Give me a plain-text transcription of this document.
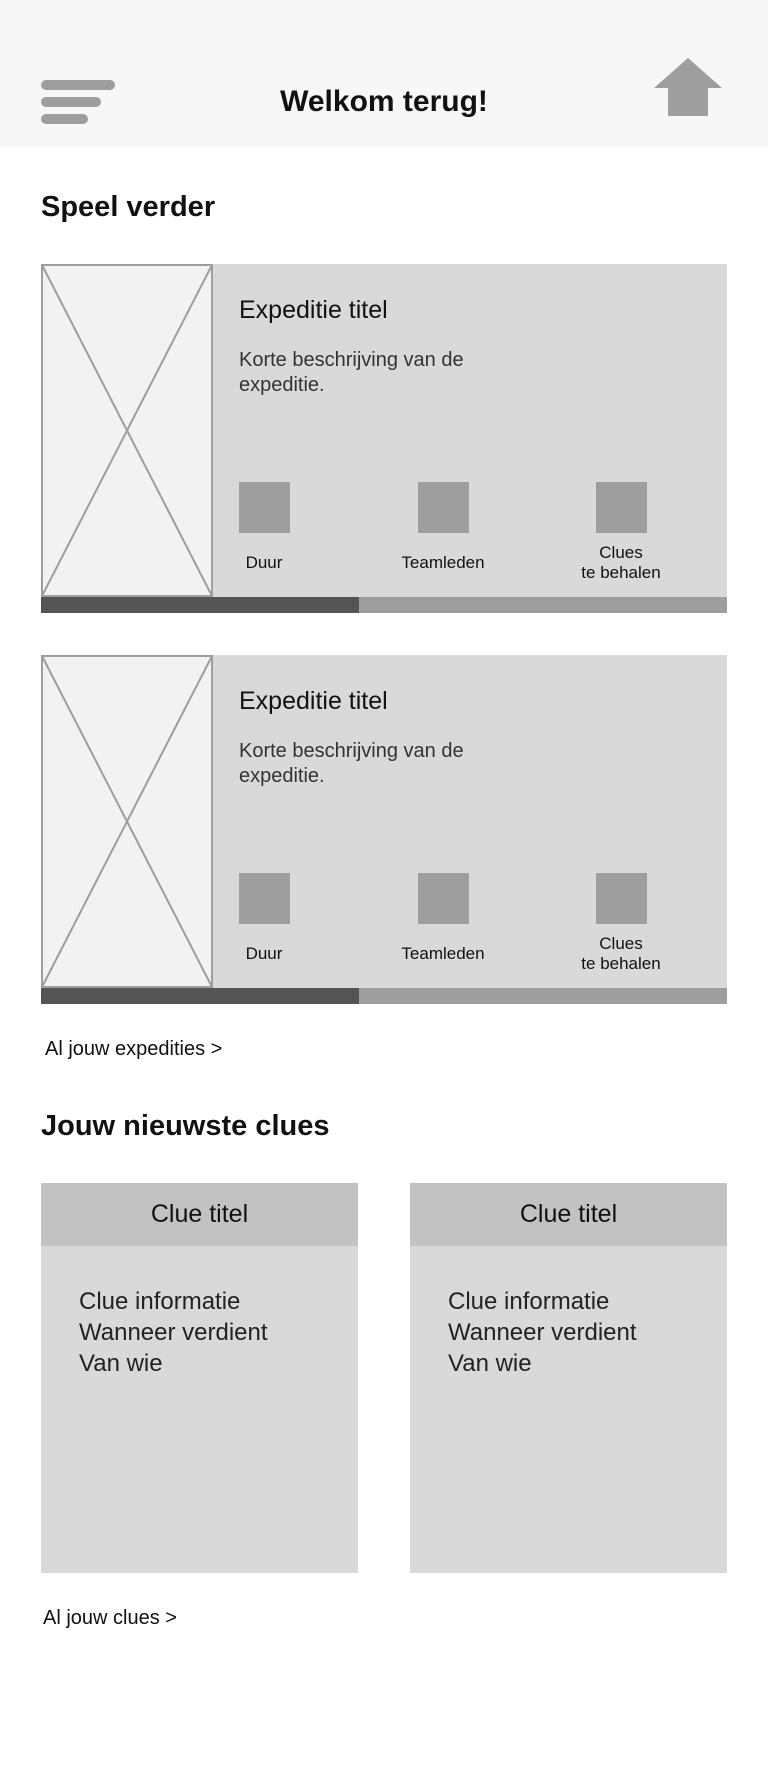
Welkom terug!
Speel verder
Expeditie titel
Korte beschrijving van de expeditie.
Duur	Teamleden
Clues
te behalen
Expeditie titel
Korte beschrijving van de expeditie.
Duur	Teamleden
Clues
te behalen
Al jouw expedities >
Jouw nieuwste clues
Clue titel
Clue informatie
Wanneer verdient
Van wie
Clue titel
Clue informatie
Wanneer verdient
Van wie
Al jouw clues >
